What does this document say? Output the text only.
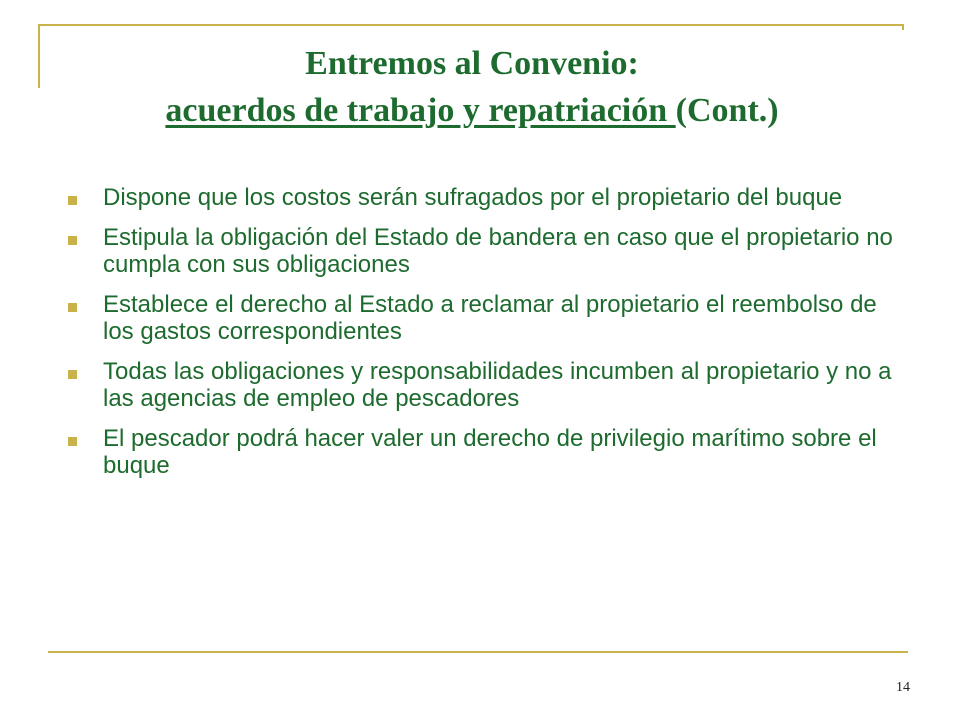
Entremos al Convenio:
acuerdos de trabajo y repatriación (Cont.)
Dispone que los costos serán sufragados por el propietario del buque
Estipula la obligación del Estado de bandera en caso que el propietario no cumpla con sus obligaciones
Establece el derecho al Estado a reclamar al propietario el reembolso de los gastos correspondientes
Todas las obligaciones y responsabilidades incumben al propietario y no a las agencias de empleo de pescadores
El pescador podrá hacer valer un derecho de privilegio marítimo sobre el buque
14
